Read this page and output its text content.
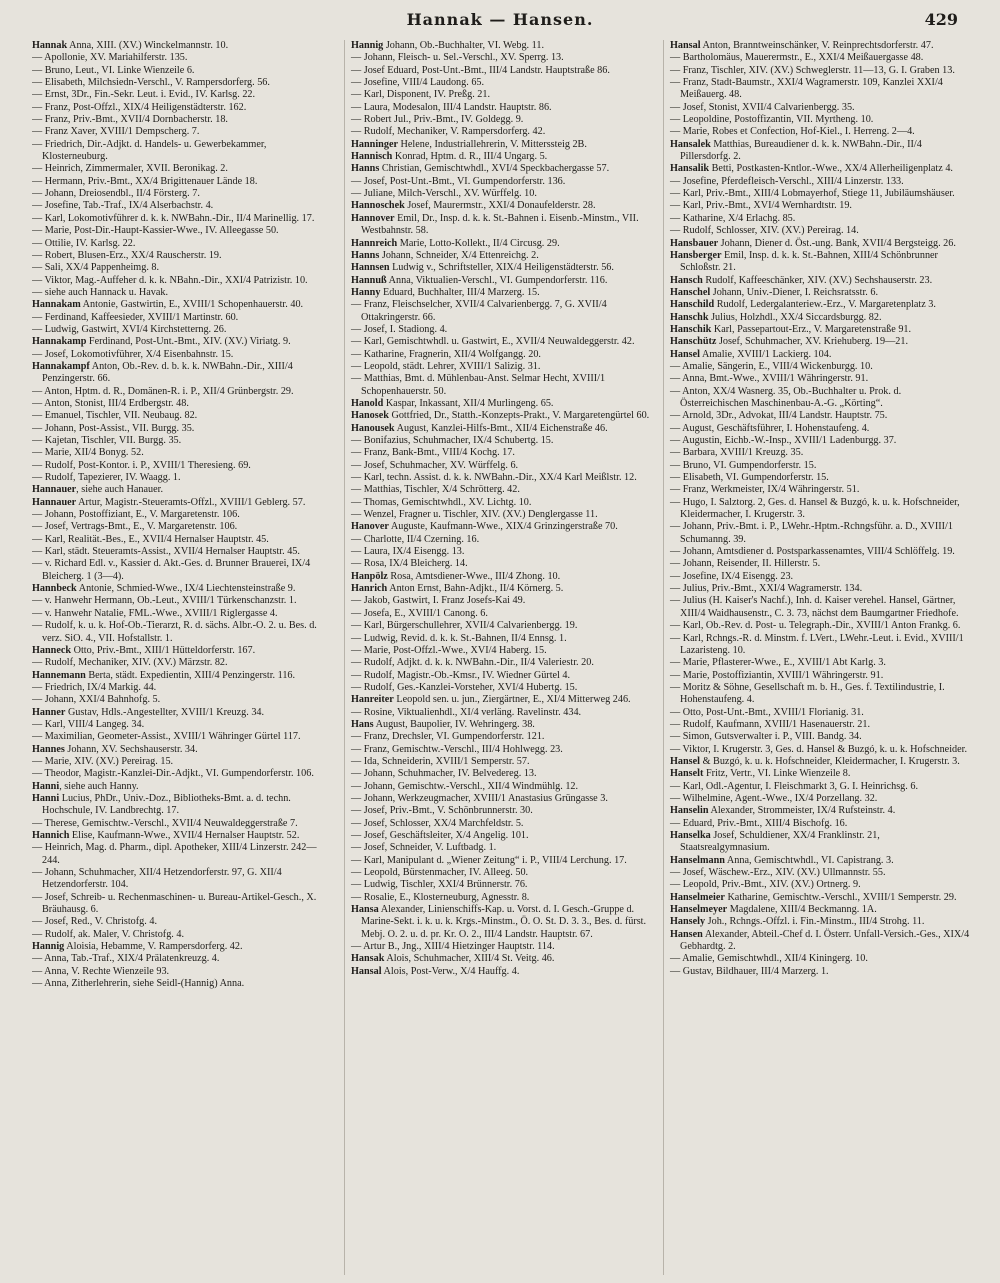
Hannak — Hansen.	429
Hannak Anna, XIII. (XV.) Winckelmannstr. 10.
— Apollonie, XV. Mariahilferstr. 135.
— Bruno, Leut., VI. Linke Wienzeile 6.
— Elisabeth, Milchsiedn-Verschl., V. Rampersdorferg. 56.
— Ernst, 3Dr., Fin.-Sekr. Leut. i. Evid., IV. Karlsg. 22.
— Franz, Post-Offzl., XIX/4 Heiligenstädterstr. 162.
— Franz, Priv.-Bmt., XVII/4 Dornbacherstr. 18.
— Franz Xaver, XVIII/1 Dempscherg. 7.
— Friedrich, Dir.-Adjkt. d. Handels- u. Gewerbekammer, Klosterneuburg.
— Heinrich, Zimmermaler, XVII. Beronikag. 2.
— Hermann, Priv.-Bmt., XX/4 Brigittenauer Lände 18.
— Johann, Dreiosendbl., II/4 Försterg. 7.
— Josefine, Tab.-Traf., IX/4 Alserbachstr. 4.
— Karl, Lokomotivführer d. k. k. NWBahn.-Dir., II/4 Marinellig. 17.
— Marie, Post-Dir.-Haupt-Kassier-Wwe., IV. Alleegasse 50.
— Ottilie, IV. Karlsg. 22.
— Robert, Blusen-Erz., XX/4 Rauscherstr. 19.
— Sali, XX/4 Pappenheimg. 8.
— Viktor, Mag.-Auffeher d. k. k. NBahn.-Dir., XXI/4 Patrizistr. 10.
— siehe auch Hannack u. Havak.
Hannakam Antonie, Gastwirtin, E., XVIII/1 Schopenhauerstr. 40.
— Ferdinand, Kaffeesieder, XVIII/1 Martinstr. 60.
— Ludwig, Gastwirt, XVI/4 Kirchstetterng. 26.
Hannakamp Ferdinand, Post-Unt.-Bmt., XIV. (XV.) Viriatg. 9.
— Josef, Lokomotivführer, X/4 Eisenbahnstr. 15.
Hannakampf Anton, Ob.-Rev. d. b. k. k. NWBahn.-Dir., XIII/4 Penzingerstr. 66.
— Anton, Hptm. d. R., Domänen-R. i. P., XII/4 Grünbergstr. 29.
— Anton, Stonist, III/4 Erdbergstr. 48.
— Emanuel, Tischler, VII. Neubaug. 82.
— Johann, Post-Assist., VII. Burgg. 35.
— Kajetan, Tischler, VII. Burgg. 35.
— Marie, XII/4 Bonyg. 52.
— Rudolf, Post-Kontor. i. P., XVIII/1 Theresieng. 69.
— Rudolf, Tapezierer, IV. Waagg. 1.
Hannauer, siehe auch Hanauer.
Hannauer Artur, Magistr.-Steueramts-Offzl., XVIII/1 Geblerg. 57.
— Johann, Postoffiziant, E., V. Margaretenstr. 106.
— Josef, Vertrags-Bmt., E., V. Margaretenstr. 106.
— Karl, Realität.-Bes., E., XVII/4 Hernalser Hauptstr. 45.
— Karl, städt. Steueramts-Assist., XVII/4 Hernalser Hauptstr. 45.
— v. Richard Edl. v., Kassier d. Akt.-Ges. d. Brunner Brauerei, IX/4 Bleicherg. 1 (3—4).
Hannbeck Antonie, Schmied-Wwe., IX/4 Liechtensteinstraße 9.
— v. Hanwehr Hermann, Ob.-Leut., XVIII/1 Türkenschanzstr. 1.
— v. Hanwehr Natalie, FML.-Wwe., XVIII/1 Riglergasse 4.
— Rudolf, k. u. k. Hof-Ob.-Tierarzt, R. d. sächs. Albr.-O. 2. u. Bes. d. verz. SiO. 4., VII. Hofstallstr. 1.
Hanneck Otto, Priv.-Bmt., XIII/1 Hütteldorferstr. 167.
— Rudolf, Mechaniker, XIV. (XV.) Märzstr. 82.
Hannemann Berta, städt. Expedientin, XIII/4 Penzingerstr. 116.
— Friedrich, IX/4 Markig. 44.
— Johann, XXI/4 Bahnhofg. 5.
Hanner Gustav, Hdls.-Angestellter, XVIII/1 Kreuzg. 34.
— Karl, VIII/4 Langeg. 34.
— Maximilian, Geometer-Assist., XVIII/1 Währinger Gürtel 117.
Hannes Johann, XV. Sechshauserstr. 34.
— Marie, XIV. (XV.) Pereirag. 15.
— Theodor, Magistr.-Kanzlei-Dir.-Adjkt., VI. Gumpendorferstr. 106.
Hanni, siehe auch Hanny.
Hanni Lucius, PhDr., Univ.-Doz., Bibliotheks-Bmt. a. d. techn. Hochschule, IV. Landbrechtg. 17.
— Therese, Gemischtw.-Verschl., XVII/4 Neuwaldeggerstraße 7.
Hannich Elise, Kaufmann-Wwe., XVII/4 Hernalser Hauptstr. 52.
— Heinrich, Mag. d. Pharm., dipl. Apotheker, XIII/4 Linzerstr. 242—244.
— Johann, Schuhmacher, XII/4 Hetzendorferstr. 97, G. XII/4 Hetzendorferstr. 104.
— Josef, Schreib- u. Rechenmaschinen- u. Bureau-Artikel-Gesch., X. Bräuhausg. 6.
— Josef, Red., V. Christofg. 4.
— Rudolf, ak. Maler, V. Christofg. 4.
Hannig Aloisia, Hebamme, V. Rampersdorferg. 42.
— Anna, Tab.-Traf., XIX/4 Prälatenkreuzg. 4.
— Anna, V. Rechte Wienzeile 93.
— Anna, Zitherlehrerin, siehe Seidl-(Hannig) Anna.
Hannig Johann, Ob.-Buchhalter, VI. Webg. 11.
— Johann, Fleisch- u. Sel.-Verschl., XV. Sperrg. 13.
— Josef Eduard, Post-Unt.-Bmt., III/4 Landstr. Hauptstraße 86.
— Josefine, VIII/4 Laudong. 65.
— Karl, Disponent, IV. Preßg. 21.
— Laura, Modesalon, III/4 Landstr. Hauptstr. 86.
— Robert Jul., Priv.-Bmt., IV. Goldegg. 9.
— Rudolf, Mechaniker, V. Rampersdorferg. 42.
Hanninger Helene, Industriallehrerin, V. Mitterssteig 2B.
Hannisch Konrad, Hptm. d. R., III/4 Ungarg. 5.
Hanns Christian, Gemischtwhdl., XVI/4 Speckbachergasse 57.
— Josef, Post-Unt.-Bmt., VI. Gumpendorferstr. 136.
— Juliane, Milch-Verschl., XV. Würffelg. 10.
Hannoschek Josef, Maurermstr., XXI/4 Donaufelderstr. 28.
Hannover Emil, Dr., Insp. d. k. k. St.-Bahnen i. Eisenb.-Minstm., VII. Westbahnstr. 58.
Hannreich Marie, Lotto-Kollekt., II/4 Circusg. 29.
Hanns Johann, Schneider, X/4 Ettenreichg. 2.
Hannsen Ludwig v., Schriftsteller, XIX/4 Heiligenstädterstr. 56.
Hannuß Anna, Viktualien-Verschl., VI. Gumpendorferstr. 116.
Hanny Eduard, Buchhalter, III/4 Marzerg. 15.
— Franz, Fleischselcher, XVII/4 Calvarienbergg. 7, G. XVII/4 Ottakringerstr. 66.
— Josef, I. Stadiong. 4.
— Karl, Gemischtwhdl. u. Gastwirt, E., XVII/4 Neuwaldeggerstr. 42.
— Katharine, Fragnerin, XII/4 Wolfgangg. 20.
— Leopold, städt. Lehrer, XVIII/1 Salizig. 31.
— Matthias, Bmt. d. Mühlenbau-Anst. Selmar Hecht, XVIII/1 Schopenhauerstr. 50.
Hanold Kaspar, Inkassant, XII/4 Murlingeng. 65.
Hanosek Gottfried, Dr., Statth.-Konzepts-Prakt., V. Margaretengürtel 60.
Hanousek August, Kanzlei-Hilfs-Bmt., XII/4 Eichenstraße 46.
— Bonifazius, Schuhmacher, IX/4 Schubertg. 15.
— Franz, Bank-Bmt., VIII/4 Kochg. 17.
— Josef, Schuhmacher, XV. Würffelg. 6.
— Karl, techn. Assist. d. k. k. NWBahn.-Dir., XX/4 Karl Meißlstr. 12.
— Matthias, Tischler, X/4 Schrötterg. 42.
— Thomas, Gemischtwhdl., XV. Lichtg. 10.
— Wenzel, Fragner u. Tischler, XIV. (XV.) Denglergasse 11.
Hanover Auguste, Kaufmann-Wwe., XIX/4 Grinzingerstraße 70.
— Charlotte, II/4 Czerning. 16.
— Laura, IX/4 Eisengg. 13.
— Rosa, IX/4 Bleicherg. 14.
Hanpölz Rosa, Amtsdiener-Wwe., III/4 Zhong. 10.
Hanrich Anton Ernst, Bahn-Adjkt., II/4 Körnerg. 5.
— Jakob, Gastwirt, I. Franz Josefs-Kai 49.
— Josefa, E., XVIII/1 Canong. 6.
— Karl, Bürgerschullehrer, XVII/4 Calvarienbergg. 19.
— Ludwig, Revid. d. k. k. St.-Bahnen, II/4 Ennsg. 1.
— Marie, Post-Offzl.-Wwe., XVI/4 Haberg. 15.
— Rudolf, Adjkt. d. k. k. NWBahn.-Dir., II/4 Valeriestr. 20.
— Rudolf, Magistr.-Ob.-Kmsr., IV. Wiedner Gürtel 4.
— Rudolf, Ges.-Kanzlei-Vorsteher, XVI/4 Hubertg. 15.
Hanreiter Leopold sen. u. jun., Ziergärtner, E., XI/4 Mitterweg 246.
— Rosine, Viktualienhdl., XI/4 verläng. Ravelinstr. 434.
Hans August, Baupolier, IV. Wehringerg. 38.
— Franz, Drechsler, VI. Gumpendorferstr. 121.
— Franz, Gemischtw.-Verschl., III/4 Hohlwegg. 23.
— Ida, Schneiderin, XVIII/1 Semperstr. 57.
— Johann, Schuhmacher, IV. Belvedereg. 13.
— Johann, Gemischtw.-Verschl., XII/4 Windmühlg. 12.
— Johann, Werkzeugmacher, XVIII/1 Anastasius Grüngasse 3.
— Josef, Priv.-Bmt., V. Schönbrunnerstr. 30.
— Josef, Schlosser, XX/4 Marchfeldstr. 5.
— Josef, Geschäftsleiter, X/4 Angelig. 101.
— Josef, Schneider, V. Luftbadg. 1.
— Karl, Manipulant d. „Wiener Zeitung“ i. P., VIII/4 Lerchung. 17.
— Leopold, Bürstenmacher, IV. Alleeg. 50.
— Ludwig, Tischler, XXI/4 Brünnerstr. 76.
— Rosalie, E., Klosterneuburg, Agnesstr. 8.
Hansa Alexander, Linienschiffs-Kap. u. Vorst. d. I. Gesch.-Gruppe d. Marine-Sekt. i. k. u. k. Krgs.-Minstm., Ö. O. St. D. 3. 3., Bes. d. fürst. Mebj. O. 2. u. d. pr. Kr. O. 2., III/4 Landstr. Hauptstr. 67.
— Artur B., Jng., XIII/4 Hietzinger Hauptstr. 114.
Hansak Alois, Schuhmacher, XIII/4 St. Veitg. 46.
Hansal Alois, Post-Verw., X/4 Hauffg. 4.
Hansal Anton, Branntweinschänker, V. Reinprechtsdorferstr. 47.
— Bartholomäus, Mauerermstr., E., XXI/4 Meißauergasse 48.
— Franz, Tischler, XIV. (XV.) Schweglerstr. 11—13, G. I. Graben 13.
— Franz, Stadt-Baumstr., XXI/4 Wagramerstr. 109, Kanzlei XXI/4 Meißauerg. 48.
— Josef, Stonist, XVII/4 Calvarienbergg. 35.
— Leopoldine, Postoffizantin, VII. Myrtheng. 10.
— Marie, Robes et Confection, Hof-Kiel., I. Herreng. 2—4.
Hansalek Matthias, Bureaudiener d. k. k. NWBahn.-Dir., II/4 Pillersdorfg. 2.
Hansalik Betti, Postkasten-Kntlor.-Wwe., XX/4 Allerheiligenplatz 4.
— Josefine, Pferdefleisch-Verschl., XIII/4 Linzerstr. 133.
— Karl, Priv.-Bmt., XIII/4 Lobmayerhof, Stiege 11, Jubiläumshäuser.
— Karl, Priv.-Bmt., XVI/4 Wernhardtstr. 19.
— Katharine, X/4 Erlachg. 85.
— Rudolf, Schlosser, XIV. (XV.) Pereirag. 14.
Hansbauer Johann, Diener d. Öst.-ung. Bank, XVII/4 Bergsteigg. 26.
Hansberger Emil, Insp. d. k. k. St.-Bahnen, XIII/4 Schönbrunner Schloßstr. 21.
Hansch Rudolf, Kaffeeschänker, XIV. (XV.) Sechshauserstr. 23.
Hanschel Johann, Univ.-Diener, I. Reichsratsstr. 6.
Hanschild Rudolf, Ledergalanteriew.-Erz., V. Margaretenplatz 3.
Hanschk Julius, Holzhdl., XX/4 Siccardsburgg. 82.
Hanschik Karl, Passepartout-Erz., V. Margaretenstraße 91.
Hanschütz Josef, Schuhmacher, XV. Kriehuberg. 19—21.
Hansel Amalie, XVIII/1 Lackierg. 104.
— Amalie, Sängerin, E., VIII/4 Wickenburgg. 10.
— Anna, Bmt.-Wwe., XVIII/1 Währingerstr. 91.
— Anton, XX/4 Wasnerg. 35, Ob.-Buchhalter u. Prok. d. Österreichischen Maschinenbau-A.-G. „Körting“.
— Arnold, 3Dr., Advokat, III/4 Landstr. Hauptstr. 75.
— August, Geschäftsführer, I. Hohenstaufeng. 4.
— Augustin, Eichb.-W.-Insp., XVIII/1 Ladenburgg. 37.
— Barbara, XVIII/1 Kreuzg. 35.
— Bruno, VI. Gumpendorferstr. 15.
— Elisabeth, VI. Gumpendorferstr. 15.
— Franz, Werkmeister, IX/4 Währingerstr. 51.
— Hugo, I. Salztorg. 2, Ges. d. Hansel & Buzgó, k. u. k. Hofschneider, Kleidermacher, I. Krugerstr. 3.
— Johann, Priv.-Bmt. i. P., LWehr.-Hptm.-Rchngsführ. a. D., XVIII/1 Schumanng. 39.
— Johann, Amtsdiener d. Postsparkassenamtes, VIII/4 Schlöffelg. 19.
— Johann, Reisender, II. Hillerstr. 5.
— Josefine, IX/4 Eisengg. 23.
— Julius, Priv.-Bmt., XXI/4 Wagramerstr. 134.
— Julius (H. Kaiser's Nachf.), Inh. d. Kaiser verehel. Hansel, Gärtner, XIII/4 Waidhausenstr., C. 3. 73, nächst dem Baumgartner Friedhofe.
— Karl, Ob.-Rev. d. Post- u. Telegraph.-Dir., XVIII/1 Anton Frankg. 6.
— Karl, Rchngs.-R. d. Minstm. f. LVert., LWehr.-Leut. i. Evid., XVIII/1 Lazaristeng. 10.
— Marie, Pflasterer-Wwe., E., XVIII/1 Abt Karlg. 3.
— Marie, Postoffiziantin, XVIII/1 Währingerstr. 91.
— Moritz & Söhne, Gesellschaft m. b. H., Ges. f. Textilindustrie, I. Hohenstaufeng. 4.
— Otto, Post-Unt.-Bmt., XVIII/1 Florianig. 31.
— Rudolf, Kaufmann, XVIII/1 Hasenauerstr. 21.
— Simon, Gutsverwalter i. P., VIII. Bandg. 34.
— Viktor, I. Krugerstr. 3, Ges. d. Hansel & Buzgó, k. u. k. Hofschneider.
Hansel & Buzgó, k. u. k. Hofschneider, Kleidermacher, I. Krugerstr. 3.
Hanselt Fritz, Vertr., VI. Linke Wienzeile 8.
— Karl, Odl.-Agentur, I. Fleischmarkt 3, G. I. Heinrichsg. 6.
— Wilhelmine, Agent.-Wwe., IX/4 Porzellang. 32.
Hanselin Alexander, Strommeister, IX/4 Rufsteinstr. 4.
— Eduard, Priv.-Bmt., XIII/4 Bischofg. 16.
Hanselka Josef, Schuldiener, XX/4 Franklinstr. 21, Staatsrealgymnasium.
Hanselmann Anna, Gemischtwhdl., VI. Capistrang. 3.
— Josef, Wäschew.-Erz., XIV. (XV.) Ullmannstr. 55.
— Leopold, Priv.-Bmt., XIV. (XV.) Ortnerg. 9.
Hanselmeier Katharine, Gemischtw.-Verschl., XVIII/1 Semperstr. 29.
Hanselmeyer Magdalene, XIII/4 Beckmanng. 1A.
Hansely Joh., Rchngs.-Offzl. i. Fin.-Minstm., III/4 Strohg. 11.
Hansen Alexander, Abteil.-Chef d. I. Österr. Unfall-Versich.-Ges., XIX/4 Gebhardtg. 2.
— Amalie, Gemischtwhdl., XII/4 Kiningerg. 10.
— Gustav, Bildhauer, III/4 Marzerg. 1.
